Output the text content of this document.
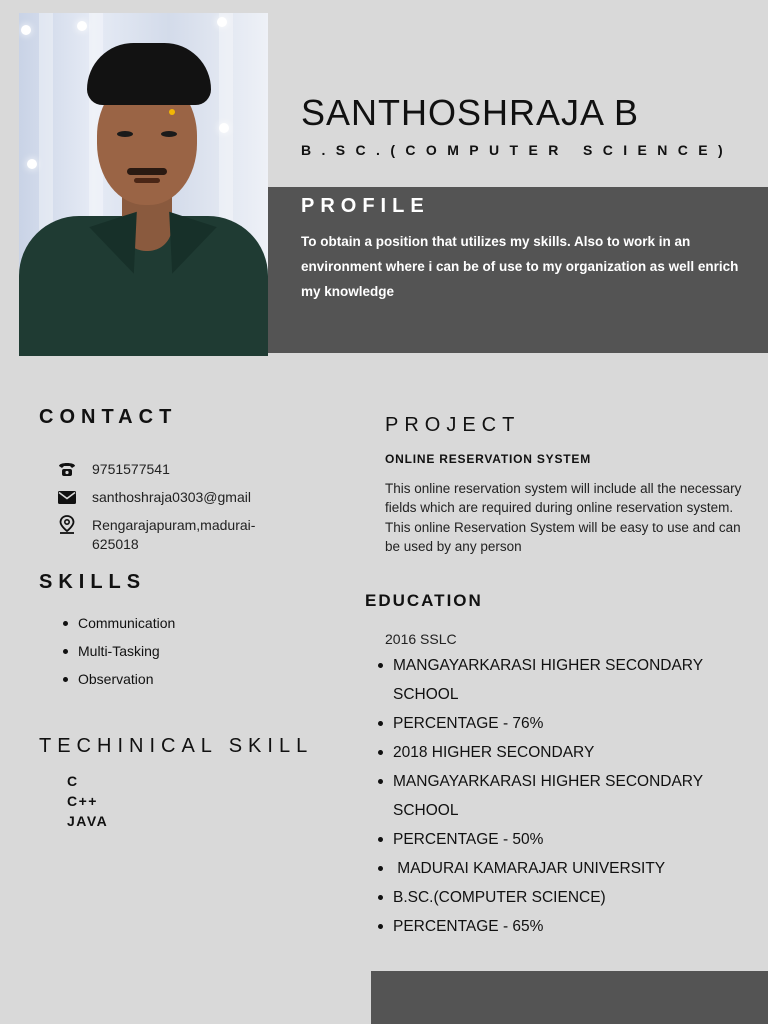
SANTHOSHRAJA B
B.SC.(COMPUTER SCIENCE)
PROFILE
To obtain a position that utilizes my skills. Also to work in an environment where i can be of use to my organization as well enrich my knowledge
CONTACT
9751577541
santhoshraja0303@gmail
Rengarajapuram,madurai-625018
SKILLS
Communication
Multi-Tasking
Observation
TECHINICAL SKILL
C
C++
JAVA
PROJECT
ONLINE RESERVATION SYSTEM
This online reservation system will include all the necessary fields which are required during online reservation system. This online Reservation System will be easy to use and can be used by any person
EDUCATION
2016 SSLC
MANGAYARKARASI HIGHER SECONDARY SCHOOL
PERCENTAGE - 76%
2018 HIGHER SECONDARY
MANGAYARKARASI HIGHER SECONDARY SCHOOL
PERCENTAGE - 50%
MADURAI KAMARAJAR UNIVERSITY
B.SC.(COMPUTER SCIENCE)
PERCENTAGE - 65%
